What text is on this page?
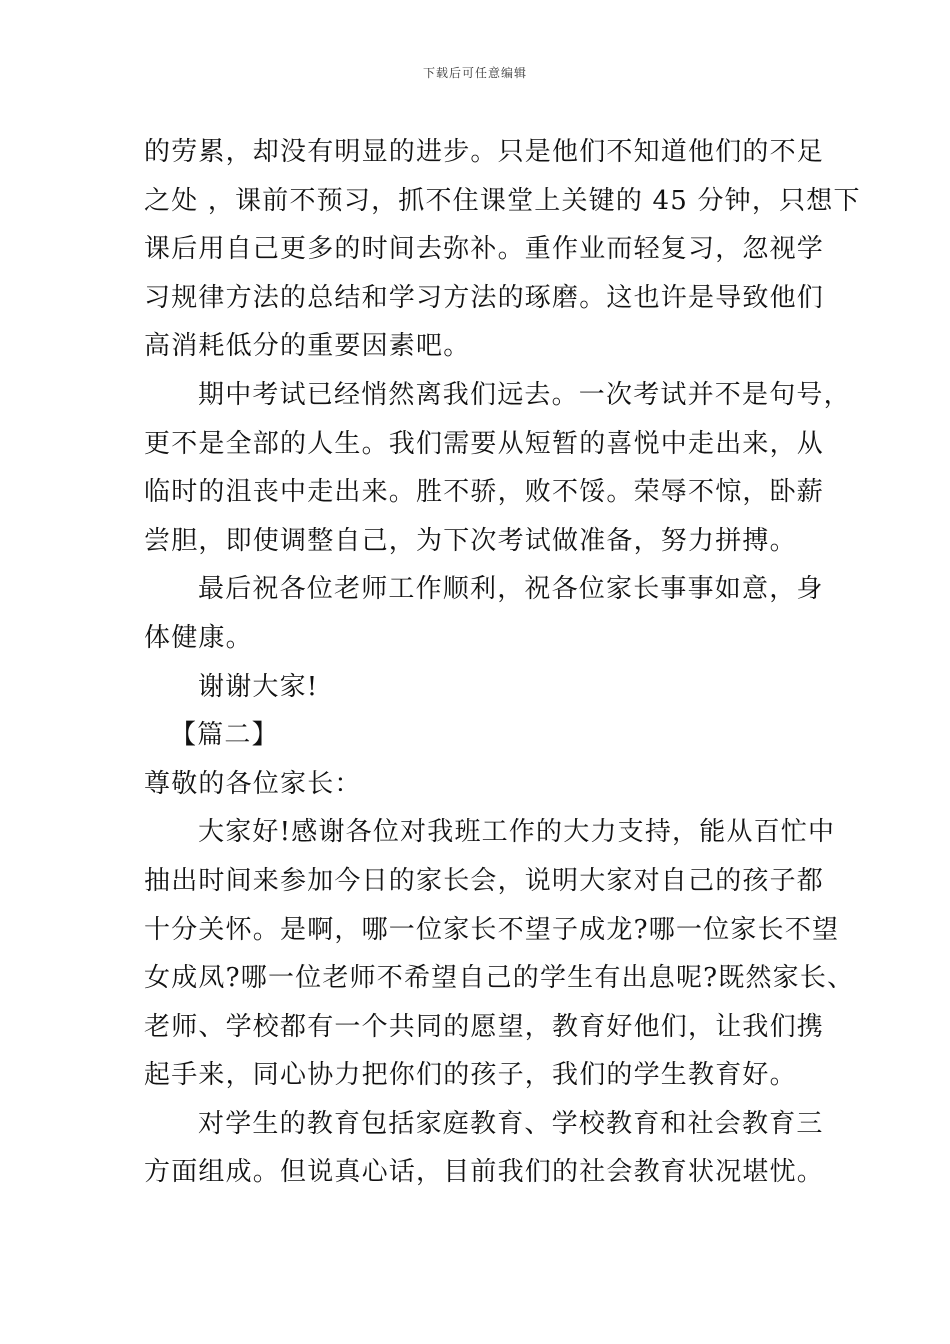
下载后可任意编辑
的劳累，却没有明显的进步。只是他们不知道他们的不足
之处 ，课前不预习，抓不住课堂上关键的 45 分钟，只想下
课后用自己更多的时间去弥补。重作业而轻复习，忽视学
习规律方法的总结和学习方法的琢磨。这也许是导致他们
高消耗低分的重要因素吧。
期中考试已经悄然离我们远去。一次考试并不是句号，
更不是全部的人生。我们需要从短暂的喜悦中走出来，从
临时的沮丧中走出来。胜不骄，败不馁。荣辱不惊，卧薪
尝胆，即使调整自己，为下次考试做准备，努力拼搏。
最后祝各位老师工作顺利，祝各位家长事事如意，身
体健康。
谢谢大家!
【篇二】
尊敬的各位家长：
大家好!感谢各位对我班工作的大力支持，能从百忙中
抽出时间来参加今日的家长会，说明大家对自己的孩子都
十分关怀。是啊，哪一位家长不望子成龙?哪一位家长不望
女成凤?哪一位老师不希望自己的学生有出息呢?既然家长、
老师、学校都有一个共同的愿望，教育好他们，让我们携
起手来，同心协力把你们的孩子，我们的学生教育好。
对学生的教育包括家庭教育、学校教育和社会教育三
方面组成。但说真心话，目前我们的社会教育状况堪忧。
